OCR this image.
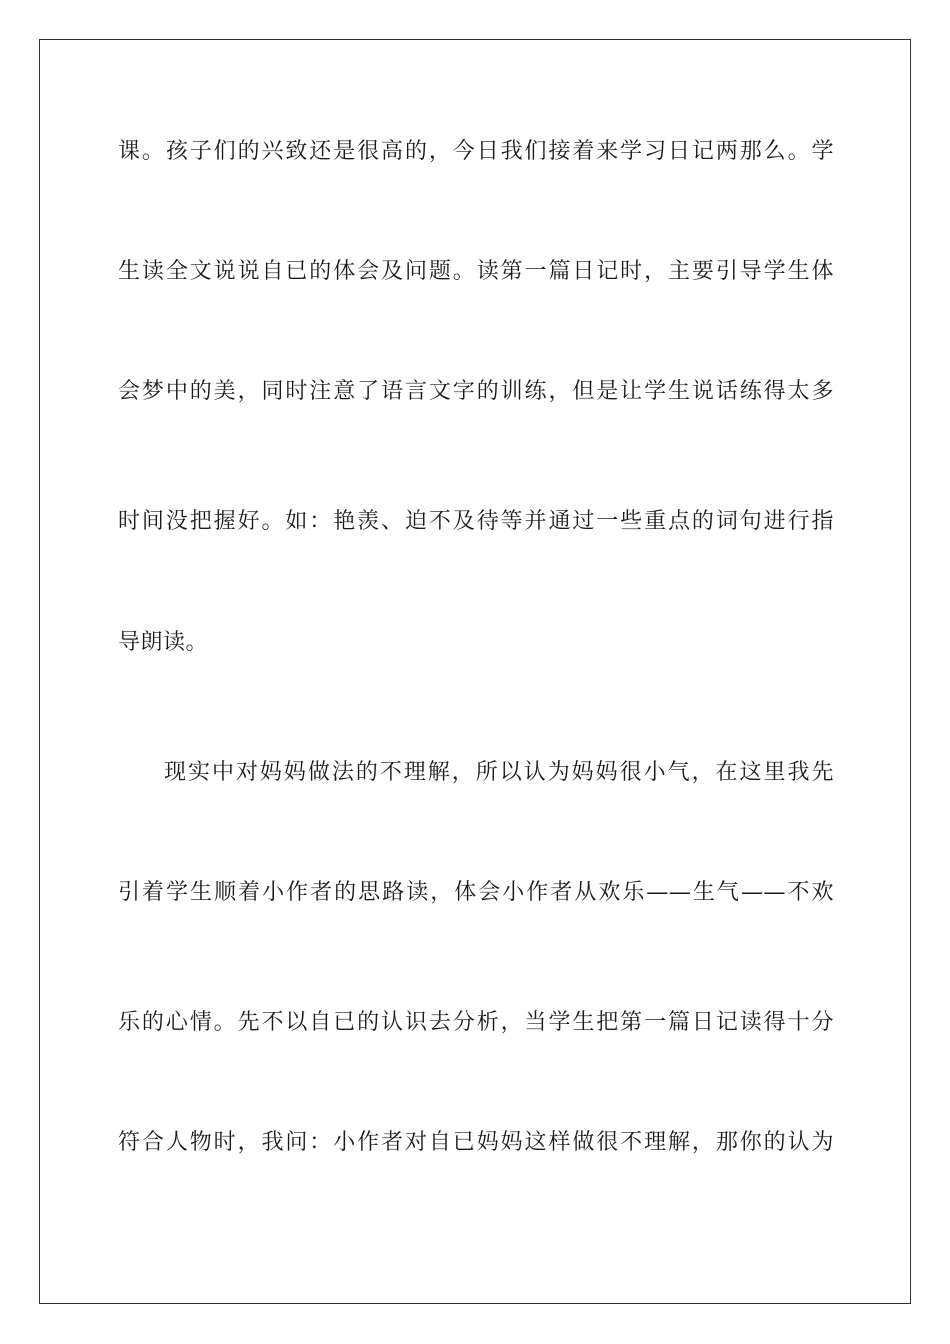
课。孩子们的兴致还是很高的，今日我们接着来学习日记两那么。学
生读全文说说自已的体会及问题。读第一篇日记时，主要引导学生体
会梦中的美，同时注意了语言文字的训练，但是让学生说话练得太多
时间没把握好。如：艳羡、迫不及待等并通过一些重点的词句进行指
导朗读。
现实中对妈妈做法的不理解，所以认为妈妈很小气，在这里我先
引着学生顺着小作者的思路读，体会小作者从欢乐——生气——不欢
乐的心情。先不以自已的认识去分析，当学生把第一篇日记读得十分
符合人物时，我问：小作者对自已妈妈这样做很不理解，那你的认为
